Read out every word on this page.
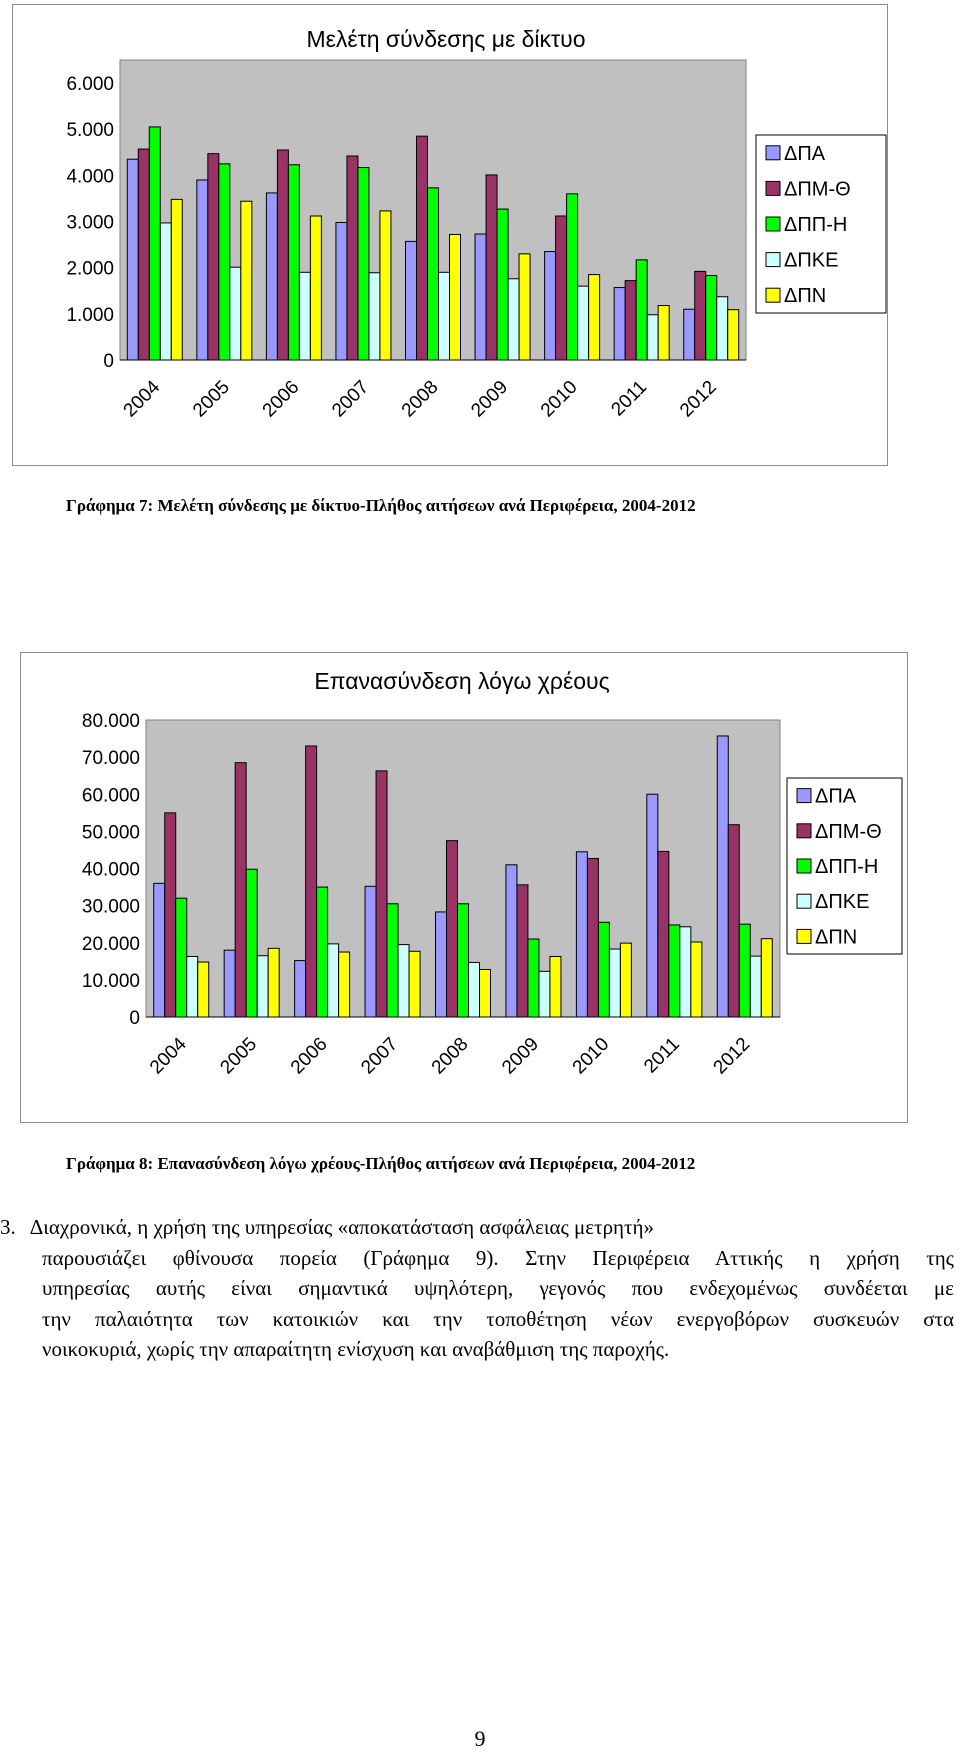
Μελέτη σύνδεσης με δίκτυο
0
1.000
2.000
3.000
4.000
5.000
6.000
2004 2005 2006 2007 2008 2009 2010 2011 2012
ΔΠΑ
ΔΠΜ-Θ
ΔΠΠ-Η
ΔΠΚΕ
ΔΠΝ
Γράφημα 7: Μελέτη σύνδεσης με δίκτυο-Πλήθος αιτήσεων ανά Περιφέρεια, 2004-2012
Επανασύνδεση λόγω χρέους
0
10.000
20.000
30.000
40.000
50.000
60.000
70.000
80.000
2004 2005 2006 2007 2008 2009 2010 2011 2012
ΔΠΑ
ΔΠΜ-Θ
ΔΠΠ-Η
ΔΠΚΕ
ΔΠΝ
Γράφημα 8: Επανασύνδεση λόγω χρέους-Πλήθος αιτήσεων ανά Περιφέρεια, 2004-2012

3. Διαχρονικά, η χρήση της υπηρεσίας «αποκατάσταση ασφάλειας μετρητή»

παρουσιάζει φθίνουσα πορεία (Γράφημα 9). Στην Περιφέρεια Αττικής η χρήση της

υπηρεσίας αυτής είναι σημαντικά υψηλότερη, γεγονός που ενδεχομένως συνδέεται με

την παλαιότητα των κατοικιών και την τοποθέτηση νέων ενεργοβόρων συσκευών στα

νοικοκυριά, χωρίς την απαραίτητη ενίσχυση και αναβάθμιση της παροχής.

9
